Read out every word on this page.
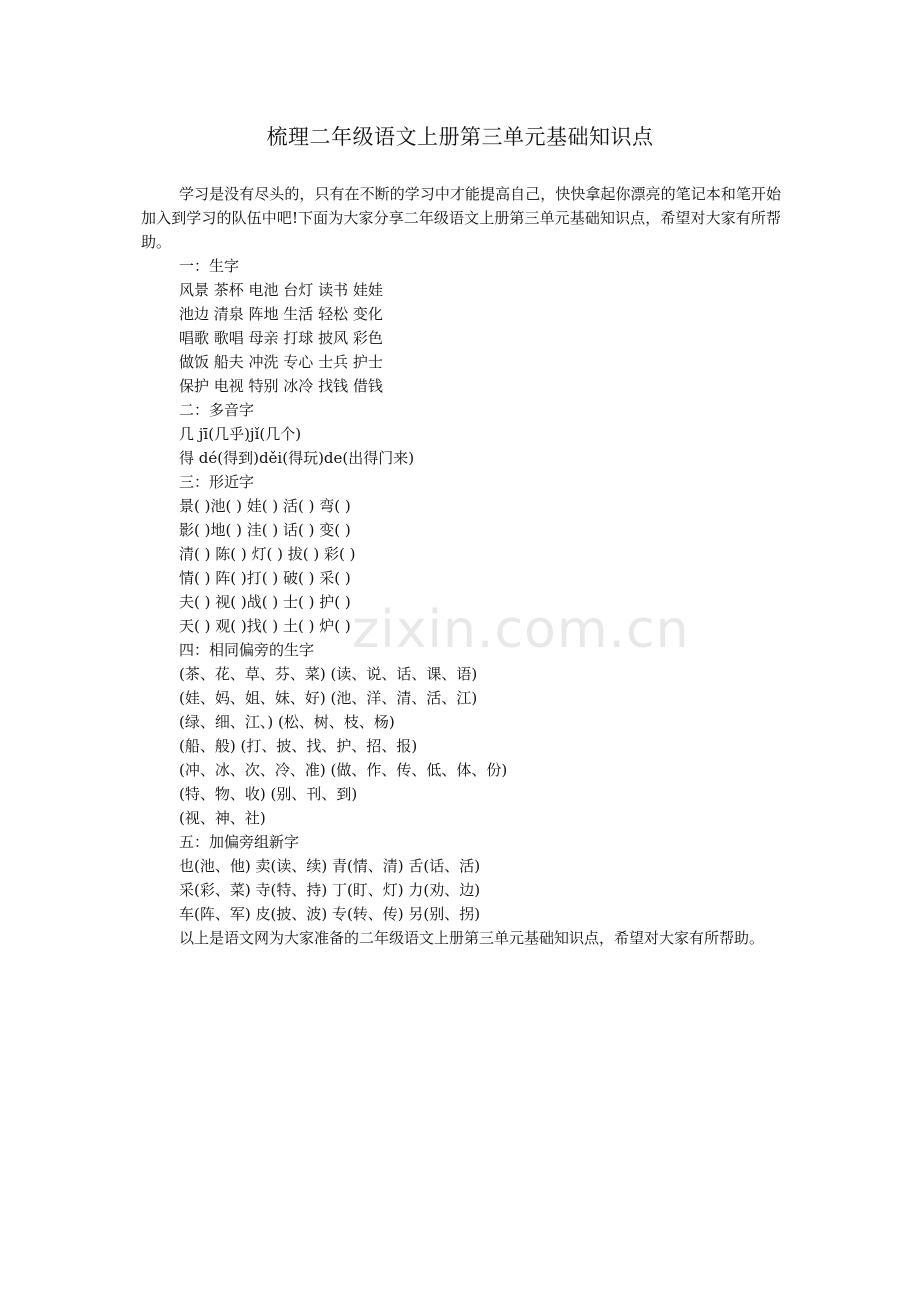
梳理二年级语文上册第三单元基础知识点

学习是没有尽头的，只有在不断的学习中才能提高自己，快快拿起你漂亮的笔记本和笔开始加入到学习的队伍中吧!下面为大家分享二年级语文上册第三单元基础知识点，希望对大家有所帮助。

一：生字

风景 茶杯 电池 台灯 读书 娃娃

池边 清泉 阵地 生活 轻松 变化

唱歌 歌唱 母亲 打球 披风 彩色

做饭 船夫 冲洗 专心 士兵 护士

保护 电视 特别 冰冷 找钱 借钱

二：多音字

几 jī(几乎)jǐ(几个)

得 dé(得到)děi(得玩)de(出得门来)

三：形近字

景( )池( ) 娃( ) 活( ) 弯( )

影( )地( ) 洼( ) 话( ) 变( )

清( ) 陈( ) 灯( ) 拔( ) 彩( )

情( ) 阵( )打( ) 破( ) 采( )

夫( ) 视( )战( ) 士( ) 护( )

天( ) 观( )找( ) 土( ) 炉( )

四：相同偏旁的生字

(茶、花、草、芬、菜) (读、说、话、课、语)

(娃、妈、姐、妹、好) (池、洋、清、活、江)

(绿、细、江、) (松、树、枝、杨)

(船、般) (打、披、找、护、招、报)

(冲、冰、次、冷、准) (做、作、传、低、体、份)

(特、物、收) (别、刊、到)

(视、神、社)

五：加偏旁组新字

也(池、他) 卖(读、续) 青(情、清) 舌(话、活)

采(彩、菜) 寺(特、持) 丁(盯、灯) 力(劝、边)

车(阵、军) 皮(披、波) 专(转、传) 另(别、拐)

以上是语文网为大家准备的二年级语文上册第三单元基础知识点，希望对大家有所帮助。

zixin.com.cn
